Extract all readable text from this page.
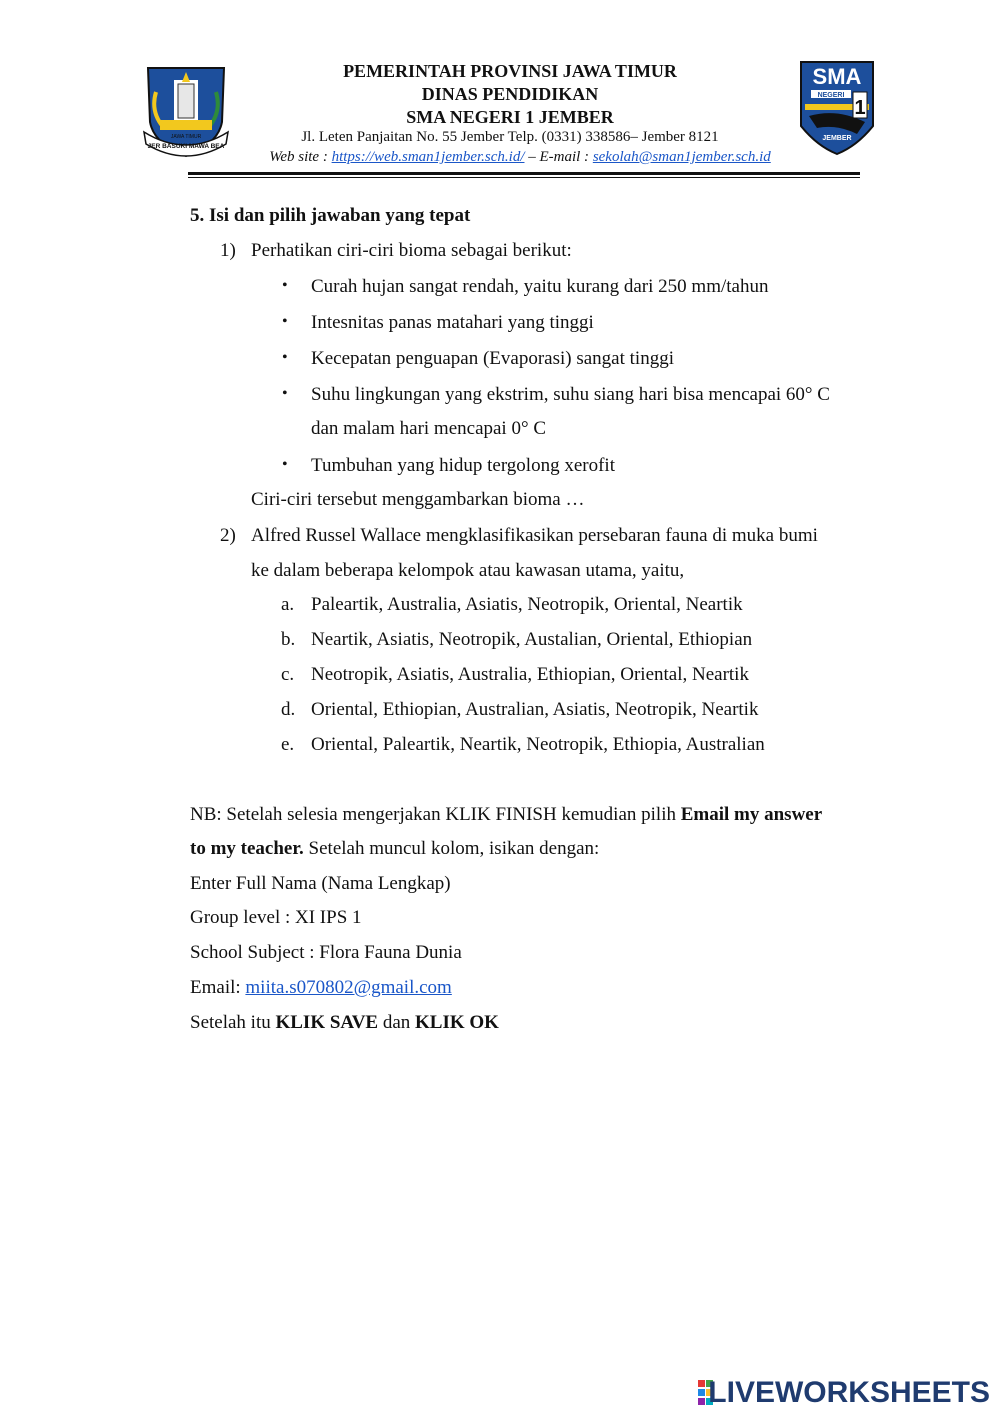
JER BASUKI MAWA BEA
JAWA TIMUR
SMA
NEGERI
1
JEMBER
PEMERINTAH PROVINSI JAWA TIMUR
DINAS PENDIDIKAN
SMA NEGERI 1 JEMBER
Jl. Leten Panjaitan No. 55 Jember Telp. (0331) 338586– Jember 8121
Web site : https://web.sman1jember.sch.id/ – E-mail : sekolah@sman1jember.sch.id
5. Isi dan pilih jawaban yang tepat
1) Perhatikan ciri-ciri bioma sebagai berikut:
• Curah hujan sangat rendah, yaitu kurang dari 250 mm/tahun
• Intesnitas panas matahari yang tinggi
• Kecepatan penguapan (Evaporasi) sangat tinggi
• Suhu lingkungan yang ekstrim, suhu siang hari bisa mencapai 60° C
dan malam hari mencapai 0° C
• Tumbuhan yang hidup tergolong xerofit
Ciri-ciri tersebut menggambarkan bioma …
2) Alfred Russel Wallace mengklasifikasikan persebaran fauna di muka bumi
ke dalam beberapa kelompok atau kawasan utama, yaitu,
a. Paleartik, Australia, Asiatis, Neotropik, Oriental, Neartik
b. Neartik, Asiatis, Neotropik, Austalian, Oriental, Ethiopian
c. Neotropik, Asiatis, Australia, Ethiopian, Oriental, Neartik
d. Oriental, Ethiopian, Australian, Asiatis, Neotropik, Neartik
e. Oriental, Paleartik, Neartik, Neotropik, Ethiopia, Australian
NB: Setelah selesia mengerjakan KLIK FINISH kemudian pilih Email my answer
to my teacher. Setelah muncul kolom, isikan dengan:
Enter Full Nama (Nama Lengkap)
Group level : XI IPS 1
School Subject : Flora Fauna Dunia
Email: miita.s070802@gmail.com
Setelah itu KLIK SAVE dan KLIK OK
LIVEWORKSHEETS
